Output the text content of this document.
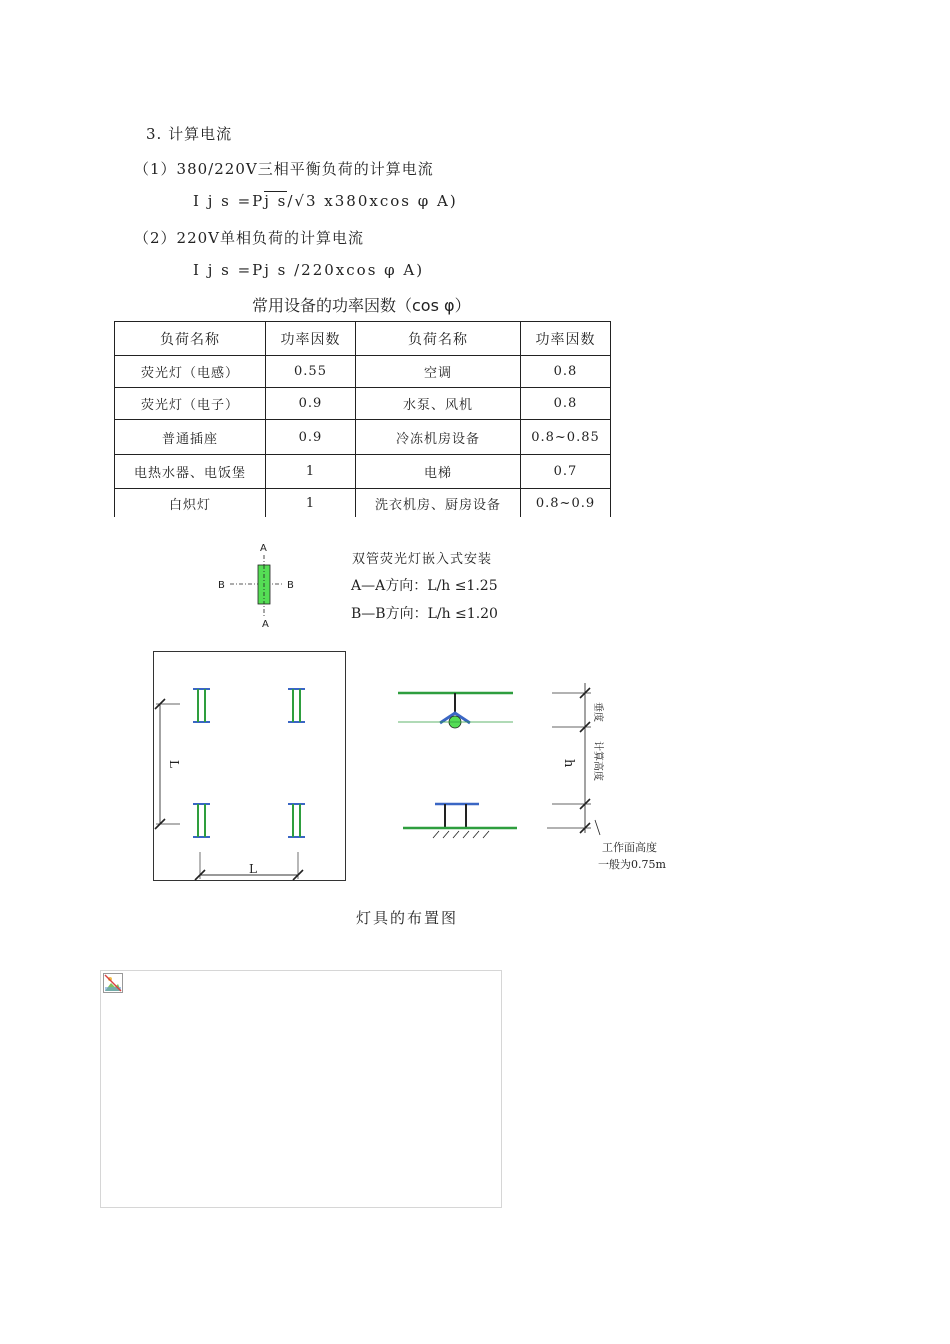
3. 计算电流
（1）380/220V三相平衡负荷的计算电流
I j s =Pj s/√3 x380xcos φ A)
（2）220V单相负荷的计算电流
I j s =Pj s /220xcos φ A)
常用设备的功率因数（cos φ）
负荷名称	功率因数	负荷名称	功率因数
荧光灯（电感）	0.55	空调	0.8
荧光灯（电子）	0.9	水泵、风机	0.8
普通插座	0.9	冷冻机房设备	0.8~0.85
电热水器、电饭堡	1	电梯	0.7
白炽灯	1	洗衣机房、厨房设备	0.8~0.9
A
A
B	B
双管荧光灯嵌入式安装
A—A方向：L/h ≤1.25
B—B方向：L/h ≤1.20
L
L
垂度
计算高度
h
工作面高度
一般为0.75m
灯具的布置图
